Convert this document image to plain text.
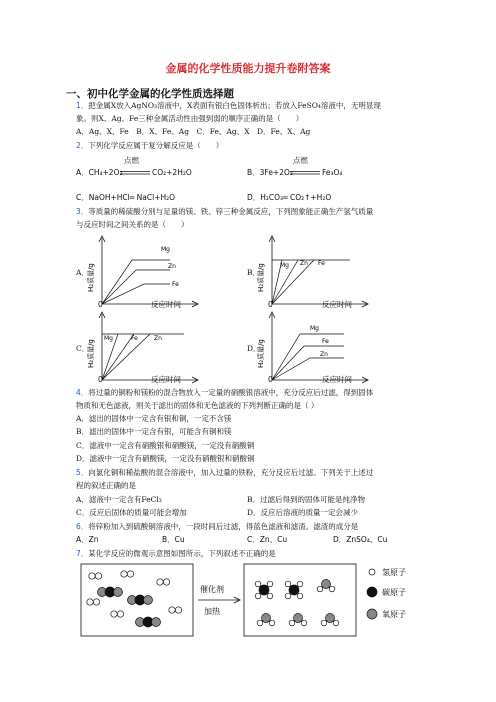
金属的化学性质能力提升卷附答案
一、初中化学金属的化学性质选择题
1．把金属X放入AgNO₃溶液中，X表面有银白色固体析出；若放入FeSO₄溶液中，无明显现
象。则X、Ag、Fe三种金属活动性由强到弱的顺序正确的是（　　）
A．Ag、X、Fe　B．X、Fe、Ag　C．Fe、Ag、X　D．Fe、X、Ag
2．下列化学反应属于复分解反应是（　　）
点燃	点燃
A．CH₄+2O₂	CO₂+2H₂O	B．3Fe+2O₂	Fe₃O₄
C．NaOH+HCl═ NaCl+H₂O	D．H₂CO₃═ CO₂↑+H₂O
3．等质量的稀硫酸分别与足量的镁、铁、锌三种金属反应，下列图象能正确生产氢气质量
与反应时间之间关系的是（　　）
A．
H₂质量/g
Mg
Zn
Fe
0	反应时间
B．
H₂质量/g	Mg Zn Fe
0	反应时间
C．
H₂质量/g
Mg	Fe	Zn
0	反应时间
D．
H₂质量/g
Mg
Fe
Zn
0	反应时间
4．将过量的铜粉和镁粉的混合物放入一定量的硝酸银溶液中，充分反应后过滤，得到固体
物质和无色滤液，则关于滤出的固体和无色滤液的下列判断正确的是（ ）
A．滤出的固体中一定含有银和铜，一定不含镁
B．滤出的固体中一定含有银，可能含有铜和镁
C．滤液中一定含有硝酸银和硝酸镁，一定没有硝酸铜
D．滤液中一定含有硝酸镁，一定没有硝酸银和硝酸铜
5．向氯化铜和稀盐酸的混合溶液中，加入过量的铁粉，充分反应后过滤。下列关于上述过
程的叙述正确的是
A．滤液中一定含有FeCl₃	B．过滤后得到的固体可能是纯净物
C．反应后固体的质量可能会增加	D．反应后溶液的质量一定会减少
6．将锌粉加入到硫酸铜溶液中，一段时间后过滤，得蓝色滤液和滤渣。滤渣的成分是
A．Zn	B．Cu	C．Zn、Cu	D．ZnSO₄、Cu
7．某化学反应的微观示意图如图所示，下列叙述不正确的是
催化剂
加热
氢原子
碳原子
氧原子
